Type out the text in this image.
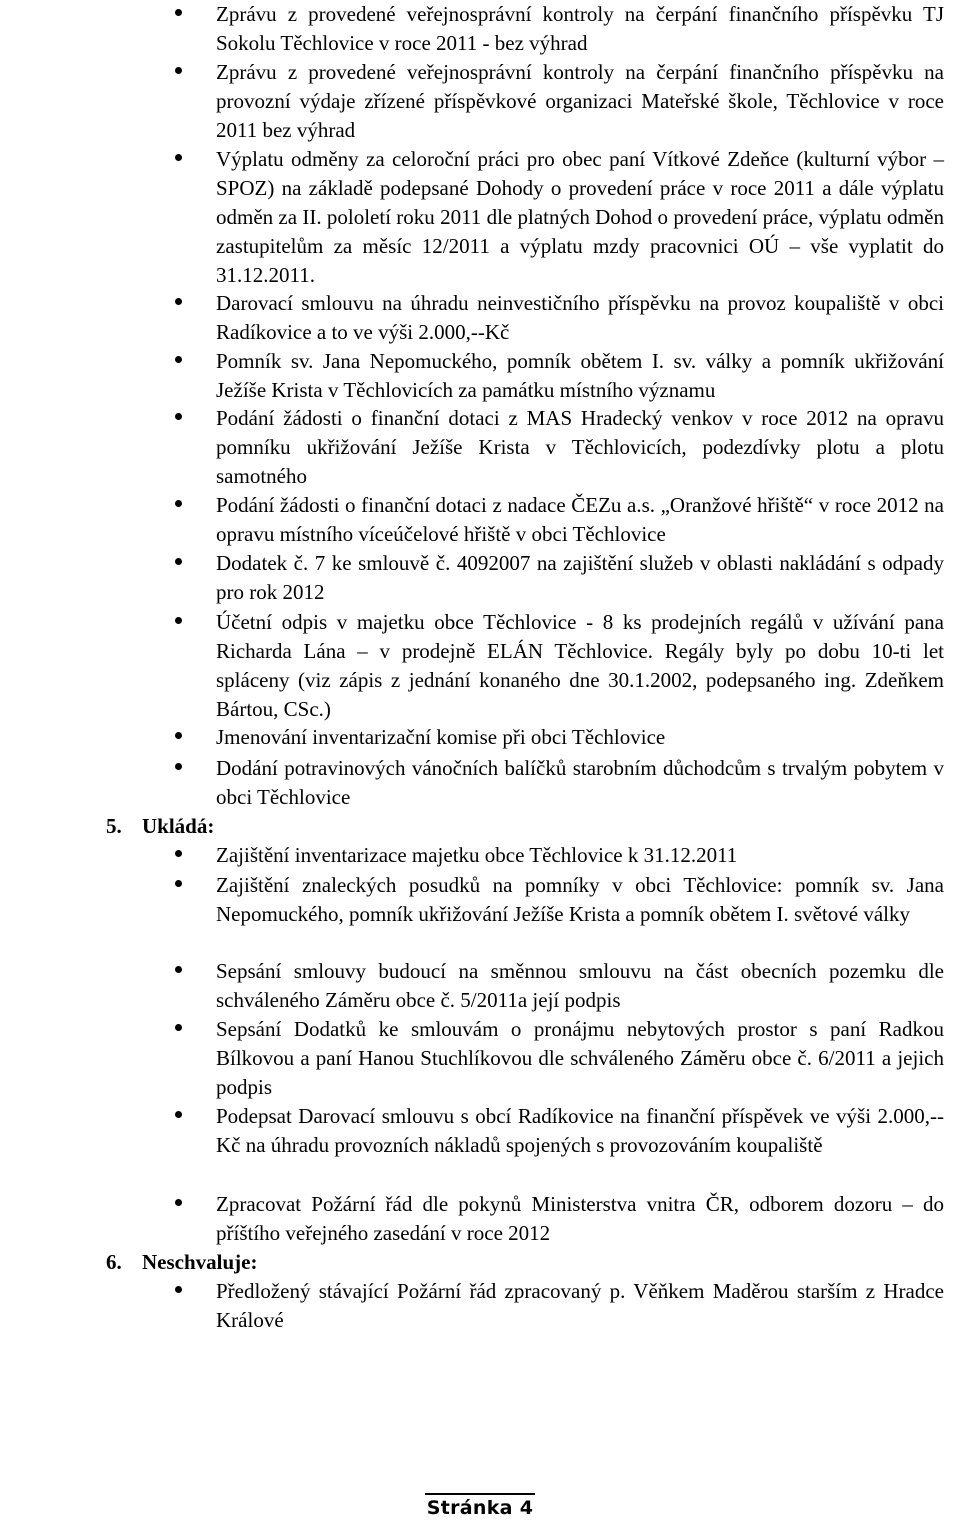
Zprávu z provedené veřejnosprávní kontroly na čerpání finančního příspěvku TJ Sokolu Těchlovice v roce 2011 - bez výhrad
Zprávu z provedené veřejnosprávní kontroly na čerpání finančního příspěvku na provozní výdaje zřízené příspěvkové organizaci Mateřské škole, Těchlovice v roce 2011 bez výhrad
Výplatu odměny za celoroční práci pro obec paní Vítkové Zdeňce (kulturní výbor – SPOZ) na základě podepsané Dohody o provedení práce v roce 2011 a dále výplatu odměn za II. pololetí roku 2011 dle platných Dohod o provedení práce, výplatu odměn zastupitelům za měsíc 12/2011 a výplatu mzdy pracovnici OÚ – vše vyplatit do 31.12.2011.
Darovací smlouvu na úhradu neinvestičního příspěvku na provoz koupaliště v obci Radíkovice a to ve výši 2.000,--Kč
Pomník sv. Jana Nepomuckého, pomník obětem I. sv. války a pomník ukřižování Ježíše Krista v Těchlovicích za památku místního významu
Podání žádosti o finanční dotaci z MAS Hradecký venkov v roce 2012 na opravu pomníku ukřižování Ježíše Krista v Těchlovicích, podezdívky plotu a plotu samotného
Podání žádosti o finanční dotaci z nadace ČEZu a.s. „Oranžové hřiště“ v roce 2012 na opravu místního víceúčelové hřiště v obci Těchlovice
Dodatek č. 7 ke smlouvě č. 4092007 na zajištění služeb v oblasti nakládání s odpady pro rok 2012
Účetní odpis v majetku obce Těchlovice - 8 ks prodejních regálů v užívání pana Richarda Lána – v prodejně ELÁN Těchlovice. Regály byly po dobu 10-ti let spláceny (viz zápis z jednání konaného dne 30.1.2002, podepsaného ing. Zdeňkem Bártou, CSc.)
Jmenování inventarizační komise při obci Těchlovice
Dodání potravinových vánočních balíčků starobním důchodcům s trvalým pobytem v obci Těchlovice
5. Ukládá:
Zajištění inventarizace majetku obce Těchlovice k 31.12.2011
Zajištění znaleckých posudků na pomníky v obci Těchlovice: pomník sv. Jana Nepomuckého, pomník ukřižování Ježíše Krista a pomník obětem I. světové války
Sepsání smlouvy budoucí na směnnou smlouvu na část obecních pozemku dle schváleného Záměru obce č. 5/2011a její podpis
Sepsání Dodatků ke smlouvám o pronájmu nebytových prostor s paní Radkou Bílkovou a paní Hanou Stuchlíkovou dle schváleného Záměru obce č. 6/2011 a jejich podpis
Podepsat Darovací smlouvu s obcí Radíkovice na finanční příspěvek ve výši 2.000,--Kč na úhradu provozních nákladů spojených s provozováním koupaliště
Zpracovat Požární řád dle pokynů Ministerstva vnitra ČR, odborem dozoru – do příštího veřejného zasedání v roce 2012
6. Neschvaluje:
Předložený stávající Požární řád zpracovaný p. Věňkem Maděrou starším z Hradce Králové
Stránka 4
